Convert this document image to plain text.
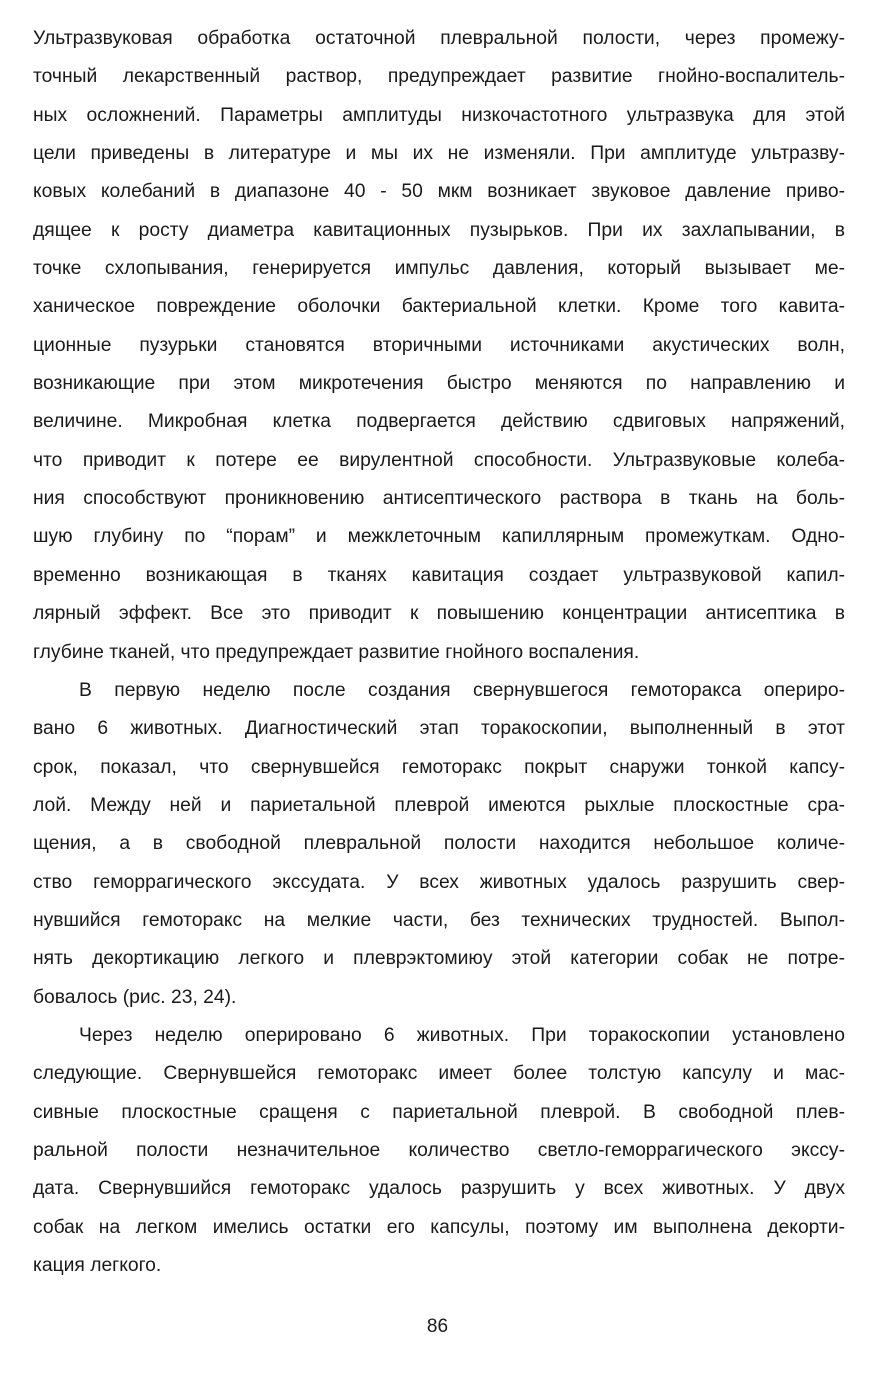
Ультразвуковая обработка остаточной плевральной полости, через промежу-
точный лекарственный раствор, предупреждает развитие гнойно-воспалитель-
ных осложнений. Параметры амплитуды низкочастотного ультразвука для этой
цели приведены в литературе и мы их не изменяли. При амплитуде ультразву-
ковых колебаний в диапазоне 40 - 50 мкм возникает звуковое давление приво-
дящее к росту диаметра кавитационных пузырьков. При их захлапывании, в
точке схлопывания, генерируется импульс давления, который вызывает ме-
ханическое повреждение оболочки бактериальной клетки. Кроме того кавита-
ционные пузурьки становятся вторичными источниками акустических волн,
возникающие при этом микротечения быстро меняются по направлению и
величине. Микробная клетка подвергается действию сдвиговых напряжений,
что приводит к потере ее вирулентной способности. Ультразвуковые колеба-
ния способствуют проникновению антисептического раствора в ткань на боль-
шую глубину по “порам” и межклеточным капиллярным промежуткам. Одно-
временно возникающая в тканях кавитация создает ультразвуковой капил-
лярный эффект. Все это приводит к повышению концентрации антисептика в
глубине тканей, что предупреждает развитие гнойного воспаления.
В первую неделю после создания свернувшегося гемоторакса опериро-
вано 6 животных. Диагностический этап торакоскопии, выполненный в этот
срок, показал, что свернувшейся гемоторакс покрыт снаружи тонкой капсу-
лой. Между ней и париетальной плеврой имеются рыхлые плоскостные сра-
щения, а в свободной плевральной полости находится небольшое количе-
ство геморрагического экссудата. У всех животных удалось разрушить свер-
нувшийся гемоторакс на мелкие части, без технических трудностей. Выпол-
нять декортикацию легкого и плеврэктомиюу этой категории собак не потре-
бовалось (рис. 23, 24).
Через неделю оперировано 6 животных. При торакоскопии установлено
следующие. Свернувшейся гемоторакс имеет более толстую капсулу и мас-
сивные плоскостные сращеня с париетальной плеврой. В свободной плев-
ральной полости незначительное количество светло-геморрагического экссу-
дата. Свернувшийся гемоторакс удалось разрушить у всех животных. У двух
собак на легком имелись остатки его капсулы, поэтому им выполнена декорти-
кация легкого.
86
